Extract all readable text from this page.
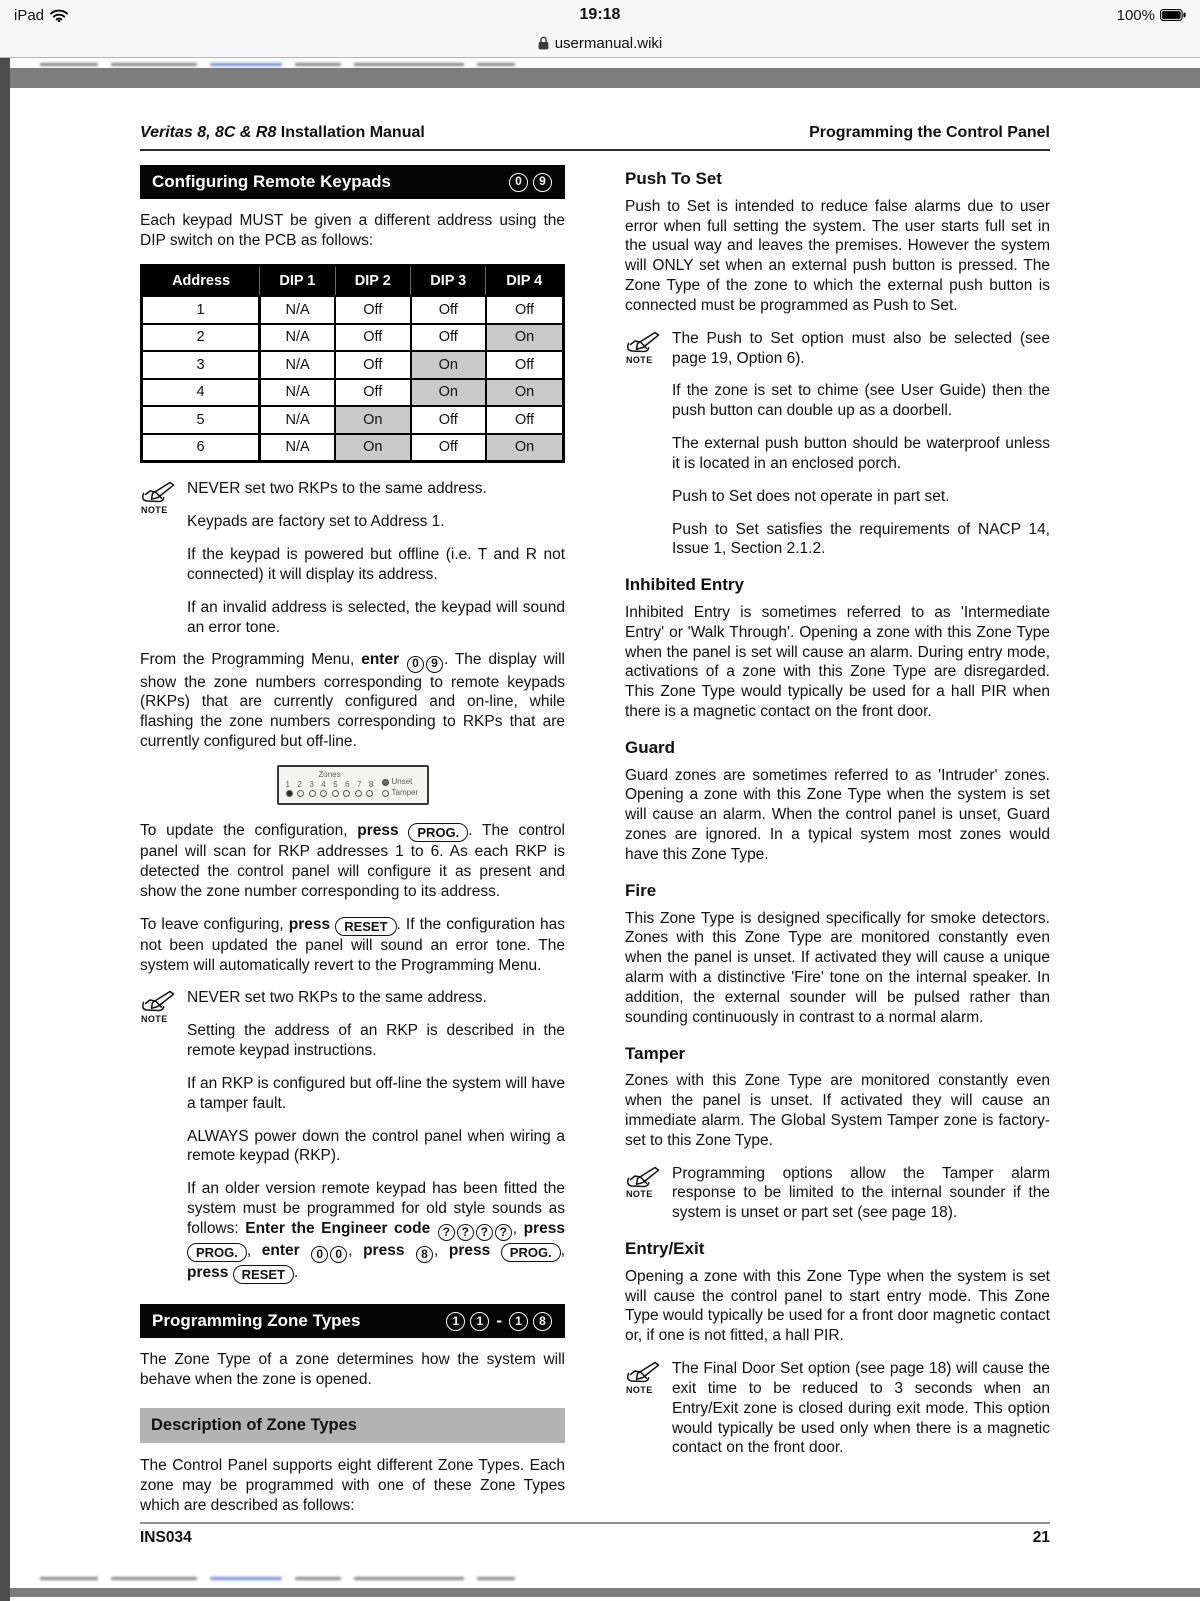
iPad	19:18	100%
usermanual.wiki
Veritas 8, 8C & R8 Installation Manual	Programming the Control Panel
Configuring Remote Keypads	0	9

Each keypad MUST be given a different address using the DIP switch on the PCB as follows:

Address	DIP 1	DIP 2	DIP 3	DIP 4
1	N/A	Off	Off	Off
2	N/A	Off	Off	On
3	N/A	Off	On	Off
4	N/A	Off	On	On
5	N/A	On	Off	Off
6	N/A	On	Off	On
NOTE
NEVER set two RKPs to the same address.
Keypads are factory set to Address 1.
If the keypad is powered but offline (i.e. T and R not connected) it will display its address.
If an invalid address is selected, the keypad will sound an error tone.

From the Programming Menu, enter 0 9 . The display will show the zone numbers corresponding to remote keypads (RKPs) that are currently configured and on-line, while flashing the zone numbers corresponding to RKPs that are currently configured but off-line.

Zones
1 2 3 4 5 6 7 8 Unset
Tamper

To update the configuration, press PROG. . The control panel will scan for RKP addresses 1 to 6. As each RKP is detected the control panel will configure it as present and show the zone number corresponding to its address.

To leave configuring, press RESET . If the configuration has not been updated the panel will sound an error tone. The system will automatically revert to the Programming Menu.

NOTE
NEVER set two RKPs to the same address.
Setting the address of an RKP is described in the remote keypad instructions.
If an RKP is configured but off-line the system will have a tamper fault.
ALWAYS power down the control panel when wiring a remote keypad (RKP).
If an older version remote keypad has been fitted the system must be programmed for old style sounds as follows: Enter the Engineer code ? ? ? ? , press PROG. , enter 0 0 , press 8 , press PROG. , press RESET .
Programming Zone Types	1	1 -	1	8

The Zone Type of a zone determines how the system will behave when the zone is opened.

Description of Zone Types

The Control Panel supports eight different Zone Types. Each zone may be programmed with one of these Zone Types which are described as follows:

Push To Set

Push to Set is intended to reduce false alarms due to user error when full setting the system. The user starts full set in the usual way and leaves the premises. However the system will ONLY set when an external push button is pressed. The Zone Type of the zone to which the external push button is connected must be programmed as Push to Set.

NOTE
The Push to Set option must also be selected (see page 19, Option 6).
If the zone is set to chime (see User Guide) then the push button can double up as a doorbell.
The external push button should be waterproof unless it is located in an enclosed porch.
Push to Set does not operate in part set.
Push to Set satisfies the requirements of NACP 14, Issue 1, Section 2.1.2.
Inhibited Entry

Inhibited Entry is sometimes referred to as 'Intermediate Entry' or 'Walk Through'. Opening a zone with this Zone Type when the panel is set will cause an alarm. During entry mode, activations of a zone with this Zone Type are disregarded. This Zone Type would typically be used for a hall PIR when there is a magnetic contact on the front door.

Guard

Guard zones are sometimes referred to as 'Intruder' zones. Opening a zone with this Zone Type when the system is set will cause an alarm. When the control panel is unset, Guard zones are ignored. In a typical system most zones would have this Zone Type.

Fire

This Zone Type is designed specifically for smoke detectors. Zones with this Zone Type are monitored constantly even when the panel is unset. If activated they will cause a unique alarm with a distinctive 'Fire' tone on the internal speaker. In addition, the external sounder will be pulsed rather than sounding continuously in contrast to a normal alarm.

Tamper

Zones with this Zone Type are monitored constantly even when the panel is unset. If activated they will cause an immediate alarm. The Global System Tamper zone is factory-set to this Zone Type.

NOTE
Programming options allow the Tamper alarm response to be limited to the internal sounder if the system is unset or part set (see page 18).
Entry/Exit

Opening a zone with this Zone Type when the system is set will cause the control panel to start entry mode. This Zone Type would typically be used for a front door magnetic contact or, if one is not fitted, a hall PIR.

NOTE
The Final Door Set option (see page 18) will cause the exit time to be reduced to 3 seconds when an Entry/Exit zone is closed during exit mode. This option would typically be used only when there is a magnetic contact on the front door.
INS034	21
